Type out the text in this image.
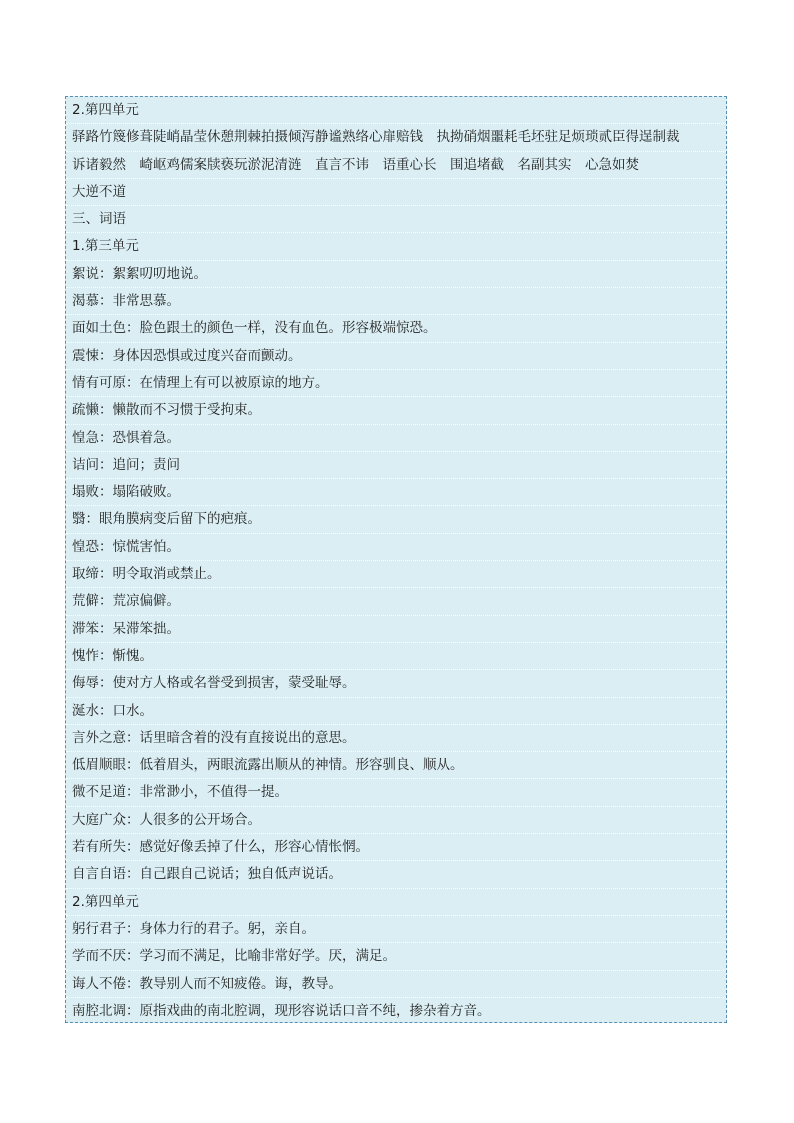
2.第四单元
驿路竹篾修葺陡峭晶莹休憩荆棘拍摄倾泻静谧熟络心扉赔钱　执拗硝烟噩耗毛坯驻足烦琐贰臣得逞制裁
诉诸毅然　崎岖鸡儒案牍亵玩淤泥清涟　直言不讳　语重心长　围追堵截　名副其实　心急如焚
大逆不道
三、词语
1.第三单元
絮说：絮絮叨叨地说。
渴慕：非常思慕。
面如土色：脸色跟土的颜色一样，没有血色。形容极端惊恐。
震悚：身体因恐惧或过度兴奋而颤动。
情有可原：在情理上有可以被原谅的地方。
疏懒：懒散而不习惯于受拘束。
惶急：恐惧着急。
诘问：追问；责问
塌败：塌陷破败。
翳：眼角膜病变后留下的疤痕。
惶恐：惊慌害怕。
取缔：明令取消或禁止。
荒僻：荒凉偏僻。
滞笨：呆滞笨拙。
愧怍：惭愧。
侮辱：使对方人格或名誉受到损害，蒙受耻辱。
涎水：口水。
言外之意：话里暗含着的没有直接说出的意思。
低眉顺眼：低着眉头，两眼流露出顺从的神情。形容驯良、顺从。
微不足道：非常渺小，不值得一提。
大庭广众：人很多的公开场合。
若有所失：感觉好像丢掉了什么，形容心情怅惘。
自言自语：自己跟自己说话；独自低声说话。
2.第四单元
躬行君子：身体力行的君子。躬，亲自。
学而不厌：学习而不满足，比喻非常好学。厌，满足。
诲人不倦：教导别人而不知疲倦。诲，教导。
南腔北调：原指戏曲的南北腔调，现形容说话口音不纯，掺杂着方音。
